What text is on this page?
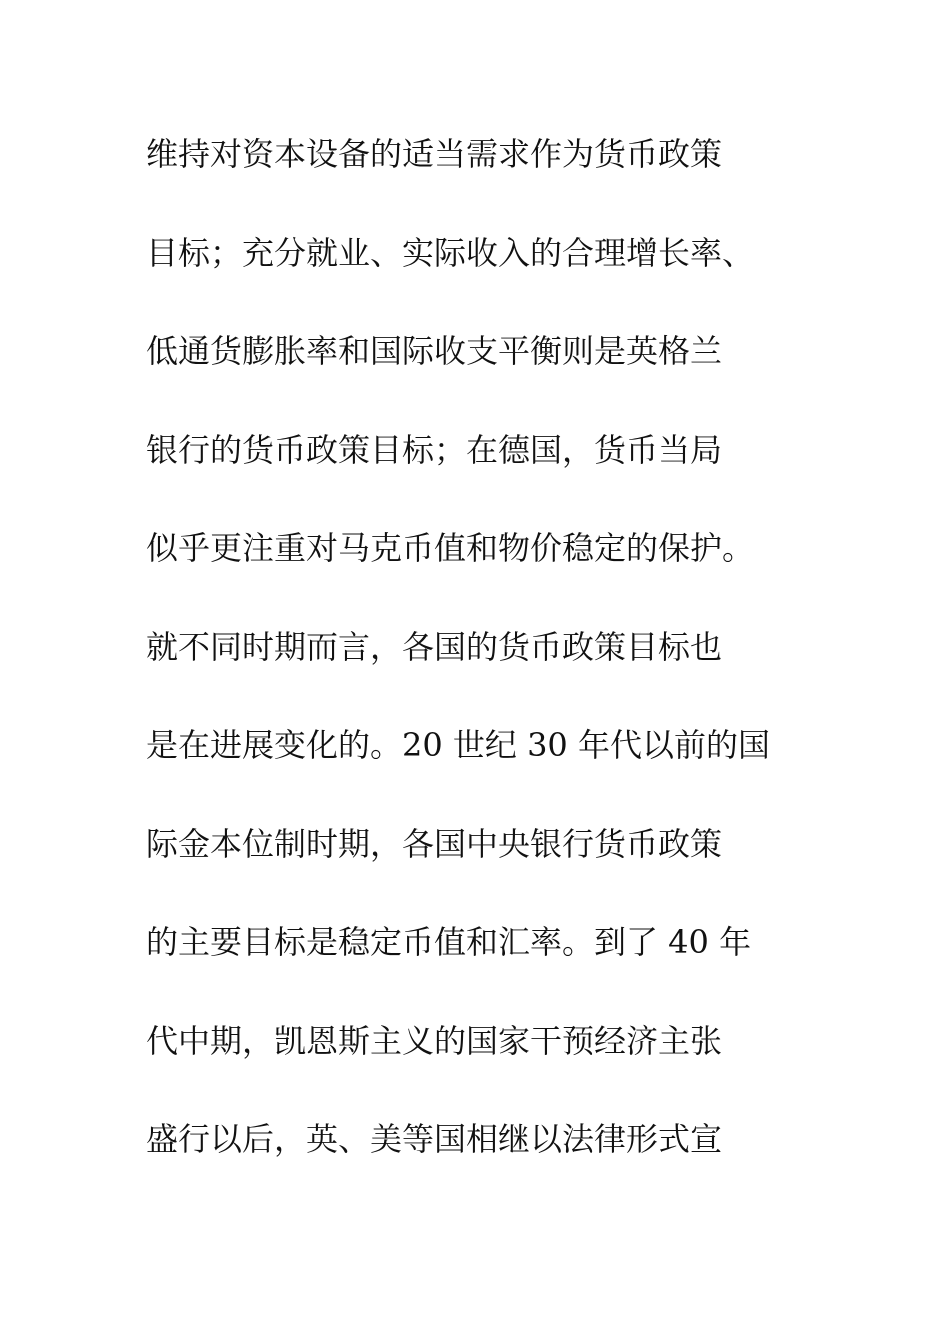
维持对资本设备的适当需求作为货币政策
目标；充分就业、实际收入的合理增长率、
低通货膨胀率和国际收支平衡则是英格兰
银行的货币政策目标；在德国，货币当局
似乎更注重对马克币值和物价稳定的保护。
就不同时期而言，各国的货币政策目标也
是在进展变化的。20 世纪 30 年代以前的国
际金本位制时期，各国中央银行货币政策
的主要目标是稳定币值和汇率。到了 40 年
代中期，凯恩斯主义的国家干预经济主张
盛行以后，英、美等国相继以法律形式宣
